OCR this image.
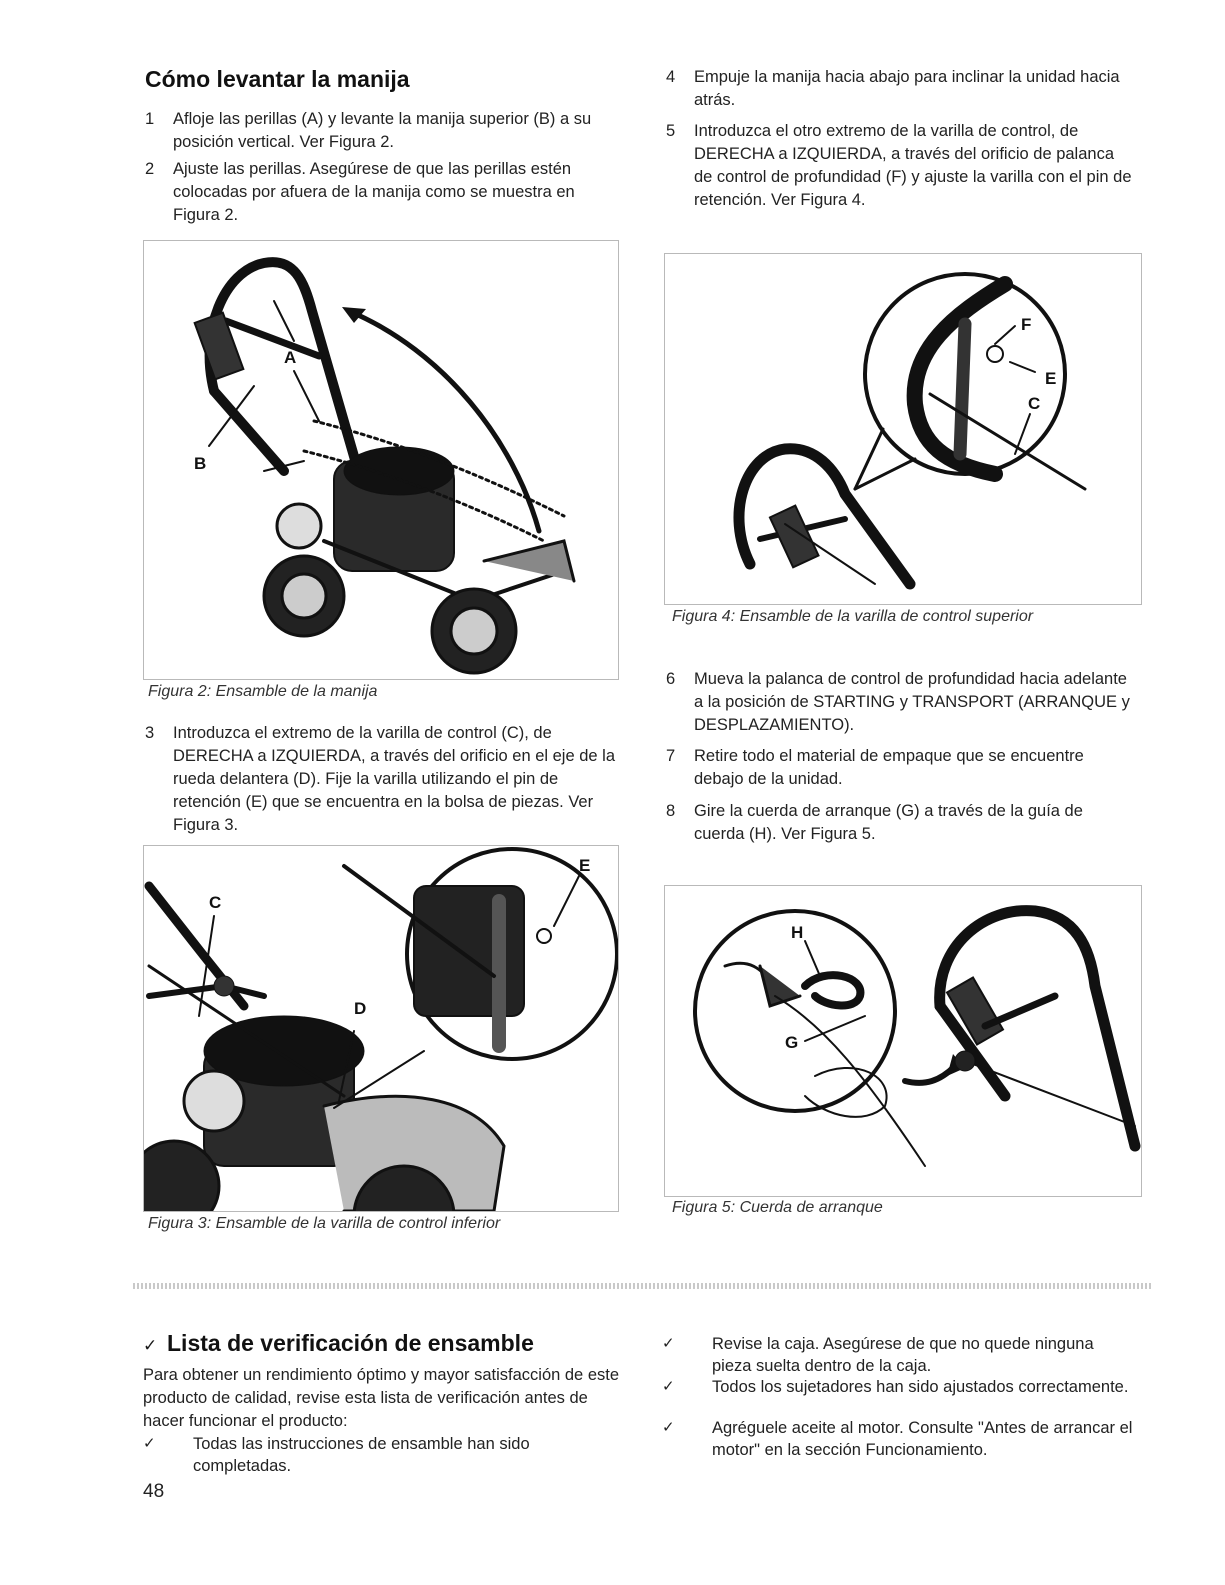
Cómo levantar la manija
1 Afloje las perillas (A) y levante la manija superior (B) a su posición vertical. Ver Figura 2.
2 Ajuste las perillas. Asegúrese de que las perillas estén colocadas por afuera de la manija como se muestra en Figura 2.
A
B
Figura 2: Ensamble de la manija
3 Introduzca el extremo de la varilla de control (C), de DERECHA a IZQUIERDA, a través del orificio en el eje de la rueda delantera (D). Fije la varilla utilizando el pin de retención (E) que se encuentra en la bolsa de piezas. Ver Figura 3.
C
D
E
Figura 3: Ensamble de la varilla de control inferior
4 Empuje la manija hacia abajo para inclinar la unidad hacia atrás.
5 Introduzca el otro extremo de la varilla de control, de DERECHA a IZQUIERDA, a través del orificio de palanca de control de profundidad (F) y ajuste la varilla con el pin de retención. Ver Figura 4.
F
E
C
Figura 4: Ensamble de la varilla de control superior
6 Mueva la palanca de control de profundidad hacia adelante a la posición de STARTING y TRANSPORT (ARRANQUE y DESPLAZAMIENTO).
7 Retire todo el material de empaque que se encuentre debajo de la unidad.
8 Gire la cuerda de arranque (G) a través de la guía de cuerda (H). Ver Figura 5.
H
G
Figura 5: Cuerda de arranque
✓ Lista de verificación de ensamble
Para obtener un rendimiento óptimo y mayor satisfacción de este producto de calidad, revise esta lista de verificación antes de hacer funcionar el producto:
✓ Todas las instrucciones de ensamble han sido completadas.
✓ Revise la caja. Asegúrese de que no quede ninguna pieza suelta dentro de la caja.
✓ Todos los sujetadores han sido ajustados correctamente.
✓ Agréguele aceite al motor. Consulte "Antes de arrancar el motor" en la sección Funcionamiento.
48
